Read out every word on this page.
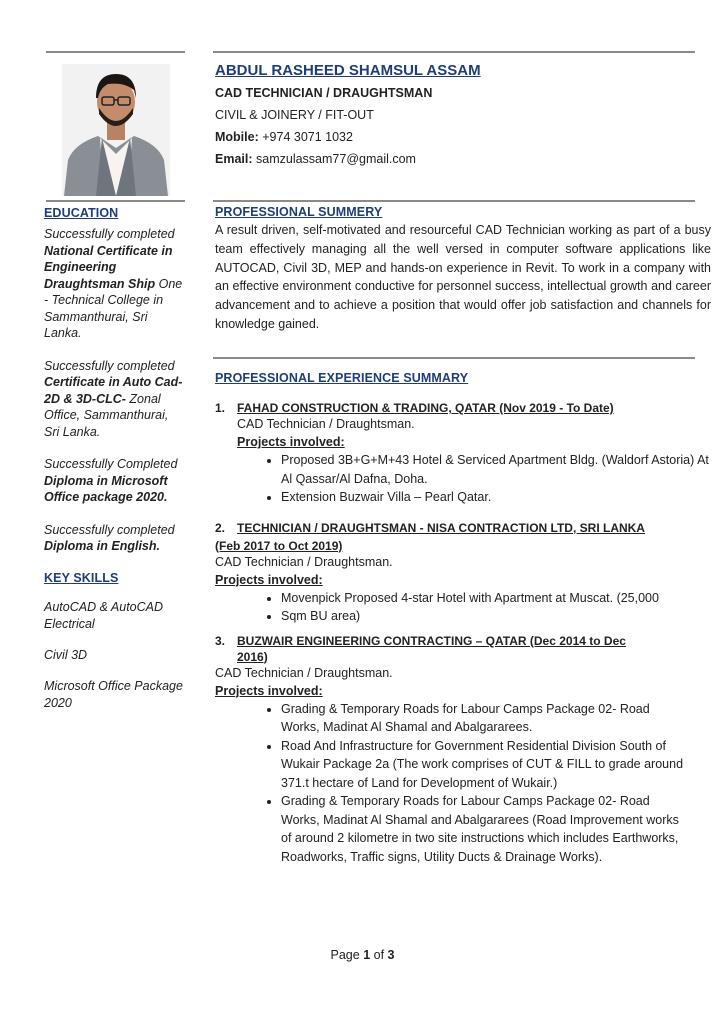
EDUCATION
Successfully completed National Certificate in Engineering Draughtsman Ship One - Technical College in Sammanthurai, Sri Lanka.
Successfully completed Certificate in Auto Cad-2D & 3D-CLC- Zonal Office, Sammanthurai, Sri Lanka.
Successfully Completed Diploma in Microsoft Office package 2020.
Successfully completed Diploma in English.
KEY SKILLS
AutoCAD & AutoCAD Electrical
Civil 3D
Microsoft Office Package 2020
ABDUL RASHEED SHAMSUL ASSAM
CAD TECHNICIAN / DRAUGHTSMAN
CIVIL & JOINERY / FIT-OUT
Mobile: +974 3071 1032
Email: samzulassam77@gmail.com
PROFESSIONAL SUMMERY
A result driven, self-motivated and resourceful CAD Technician working as part of a busy team effectively managing all the well versed in computer software applications like AUTOCAD, Civil 3D, MEP and hands-on experience in Revit. To work in a company with an effective environment conductive for personnel success, intellectual growth and career advancement and to achieve a position that would offer job satisfaction and channels for knowledge gained.
PROFESSIONAL EXPERIENCE SUMMARY
1. FAHAD CONSTRUCTION & TRADING, QATAR (Nov 2019 - To Date)
CAD Technician / Draughtsman.
Projects involved:
• Proposed 3B+G+M+43 Hotel & Serviced Apartment Bldg. (Waldorf Astoria) At Al Qassar/Al Dafna, Doha.
• Extension Buzwair Villa – Pearl Qatar.
2. TECHNICIAN / DRAUGHTSMAN - NISA CONTRACTION LTD, SRI LANKA
(Feb 2017 to Oct 2019)
CAD Technician / Draughtsman.
Projects involved:
• Movenpick Proposed 4-star Hotel with Apartment at Muscat. (25,000
• Sqm BU area)
3. BUZWAIR ENGINEERING CONTRACTING – QATAR (Dec 2014 to Dec
2016)
CAD Technician / Draughtsman.
Projects involved:
• Grading & Temporary Roads for Labour Camps Package 02- Road Works, Madinat Al Shamal and Abalgararees.
• Road And Infrastructure for Government Residential Division South of Wukair Package 2a (The work comprises of CUT & FILL to grade around 371.t hectare of Land for Development of Wukair.)
• Grading & Temporary Roads for Labour Camps Package 02- Road Works, Madinat Al Shamal and Abalgararees (Road Improvement works of around 2 kilometre in two site instructions which includes Earthworks, Roadworks, Traffic signs, Utility Ducts & Drainage Works).
Page 1 of 3
